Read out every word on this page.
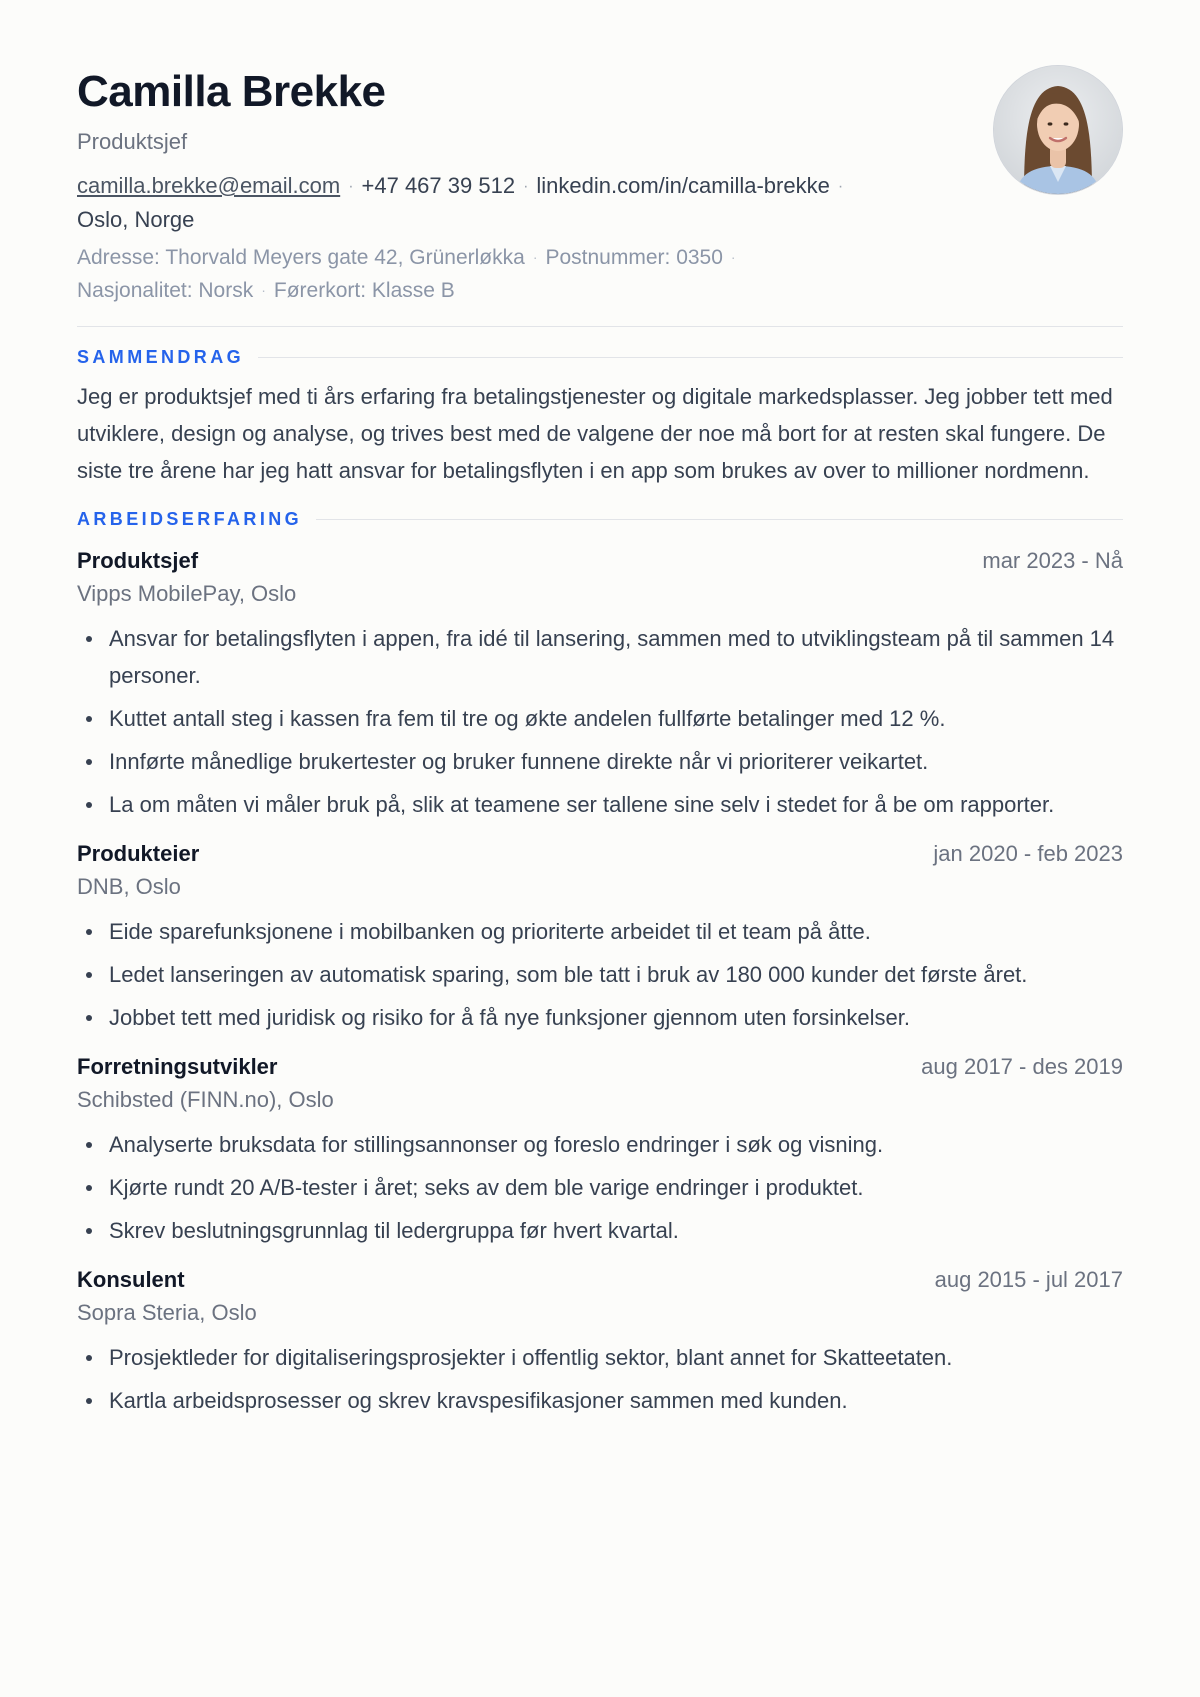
Camilla Brekke
Produktsjef
camilla.brekke@email.com · +47 467 39 512 · linkedin.com/in/camilla-brekke ·
Oslo, Norge
Adresse: Thorvald Meyers gate 42, Grünerløkka · Postnummer: 0350 ·
Nasjonalitet: Norsk · Førerkort: Klasse B
SAMMENDRAG

Jeg er produktsjef med ti års erfaring fra betalingstjenester og digitale markedsplasser. Jeg jobber tett med utviklere, design og analyse, og trives best med de valgene der noe må bort for at resten skal fungere. De siste tre årene har jeg hatt ansvar for betalingsflyten i en app som brukes av over to millioner nordmenn.

ARBEIDSERFARING
Produktsjef	mar 2023 - Nå
Vipps MobilePay, Oslo
Ansvar for betalingsflyten i appen, fra idé til lansering, sammen med to utviklingsteam på til sammen 14 personer.
Kuttet antall steg i kassen fra fem til tre og økte andelen fullførte betalinger med 12 %.
Innførte månedlige brukertester og bruker funnene direkte når vi prioriterer veikartet.
La om måten vi måler bruk på, slik at teamene ser tallene sine selv i stedet for å be om rapporter.
Produkteier	jan 2020 - feb 2023
DNB, Oslo
Eide sparefunksjonene i mobilbanken og prioriterte arbeidet til et team på åtte.
Ledet lanseringen av automatisk sparing, som ble tatt i bruk av 180 000 kunder det første året.
Jobbet tett med juridisk og risiko for å få nye funksjoner gjennom uten forsinkelser.
Forretningsutvikler	aug 2017 - des 2019
Schibsted (FINN.no), Oslo
Analyserte bruksdata for stillingsannonser og foreslo endringer i søk og visning.
Kjørte rundt 20 A/B-tester i året; seks av dem ble varige endringer i produktet.
Skrev beslutningsgrunnlag til ledergruppa før hvert kvartal.
Konsulent	aug 2015 - jul 2017
Sopra Steria, Oslo
Prosjektleder for digitaliseringsprosjekter i offentlig sektor, blant annet for Skatteetaten.
Kartla arbeidsprosesser og skrev kravspesifikasjoner sammen med kunden.
